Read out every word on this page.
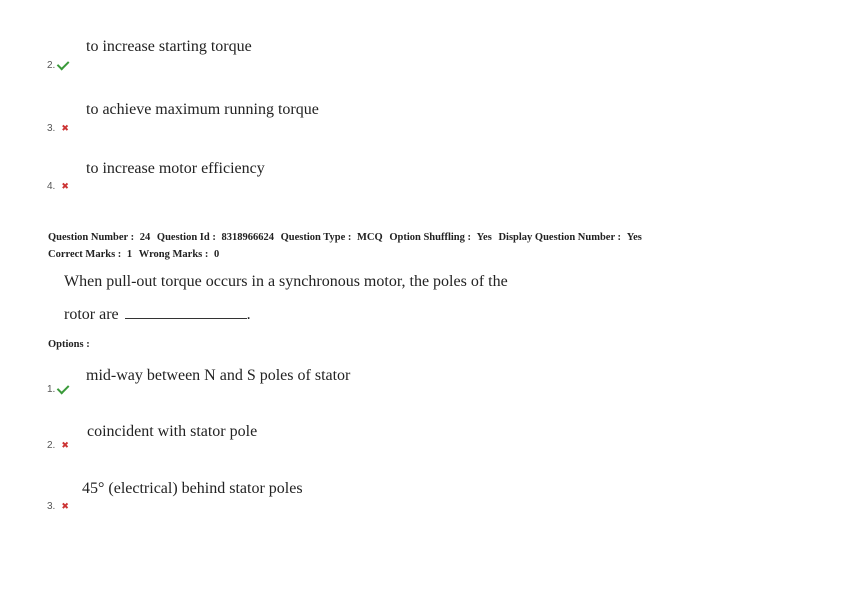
to increase starting torque
2.
to achieve maximum running torque
3. ✖
to increase motor efficiency
4. ✖
Question Number : 24 Question Id : 8318966624 Question Type : MCQ Option Shuffling : Yes Display Question Number : Yes
Correct Marks : 1 Wrong Marks : 0
When pull-out torque occurs in a synchronous motor, the poles of the
rotor are	.
Options :
mid-way between N and S poles of stator
1.
coincident with stator pole
2. ✖
45° (electrical) behind stator poles
3. ✖
